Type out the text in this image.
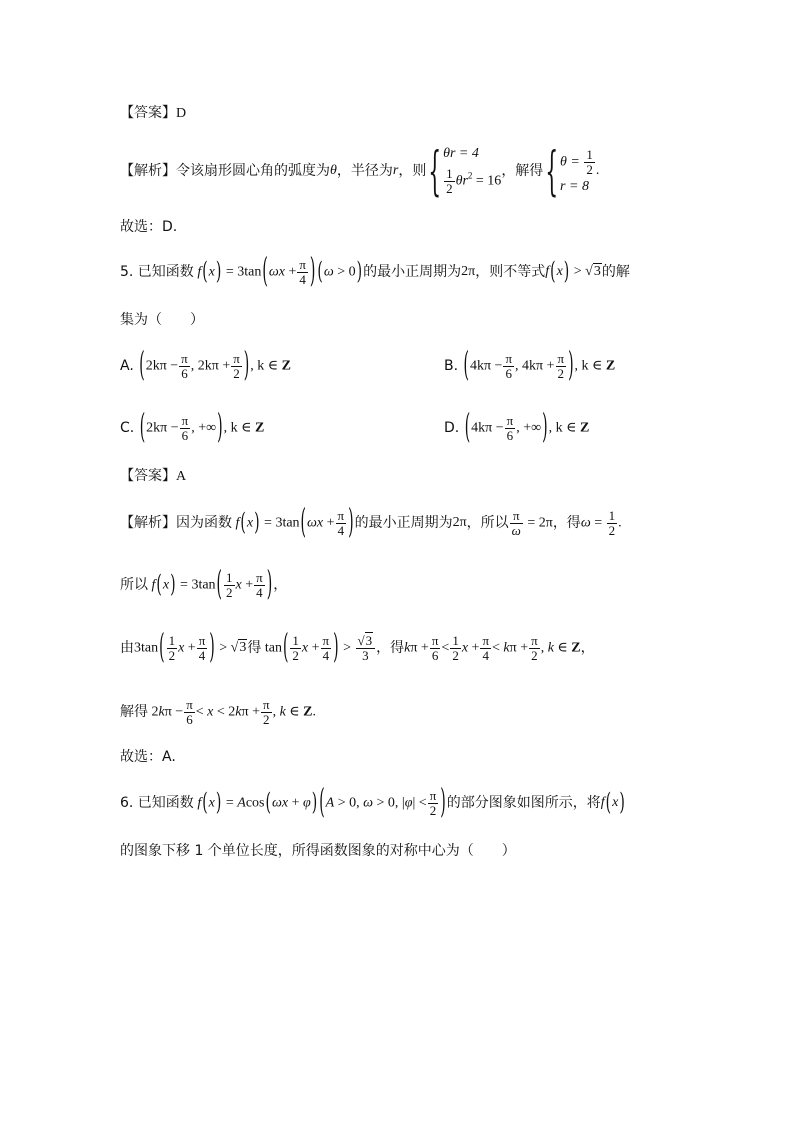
【答案】D
【解析】 令该扇形圆心角的弧度为 θ ，半径为 r ，则 { θr = 4
$\frac{1}{2} \theta r^2 = 16$
，解得 { $\theta = \frac{1}{2}$
r = 8
.
故选：D.
5. 已知函数 $f(x) = 3\tan(\omega x + \frac{\pi}{4}$ ) (ω > 0) 的最小正周期为 2π ，则不等式 f(x) > √3 的解
集为（　　）
A.
($2k\pi - \frac{\pi}{6}$ , $2k\pi + \frac{\pi}{2}$ ), k ∈ Z	B.
($4k\pi - \frac{\pi}{6}$ , $4k\pi + \frac{\pi}{2}$ ), k ∈ Z
C.
($2k\pi - \frac{\pi}{6}$ , +∞), k ∈ Z	D.
($4k\pi - \frac{\pi}{6}$ , +∞), k ∈ Z
【答案】A
【解析】 因为函数 $f(x) = 3\tan(\omega x + \frac{\pi}{4}$ ) 的最小正周期为 2π ，所以 $\frac{\pi}{\omega} = 2\pi$ ，得 $\omega = \frac{1}{2}$ .
所以 $f(x) = 3\tan( \frac{1}{2}$ $x + \frac{\pi}{4}$ ) ，
由 $3\tan( \frac{1}{2}$ $x + \frac{\pi}{4}$ ) > √3 得 $\tan( \frac{1}{2}$ $x + \frac{\pi}{4}$ ) > $\frac{√3}{3}$ ，得 $k\pi + \frac{\pi}{6} < \frac{1}{2}$ $x + \frac{\pi}{4} < k\pi + \frac{\pi}{2}$ , k ∈ Z ，
解得 $2k\pi - \frac{\pi}{6} < x < 2k\pi + \frac{\pi}{2}$ , k ∈ Z.
故选：A.
6. 已知函数 f(x) = Acos(ωx + φ) (A > 0, ω > 0, $|\varphi| < \frac{\pi}{2}$ ) 的部分图象如图所示，将 f(x)
的图象下移 1 个单位长度，所得函数图象的对称中心为（　　）
